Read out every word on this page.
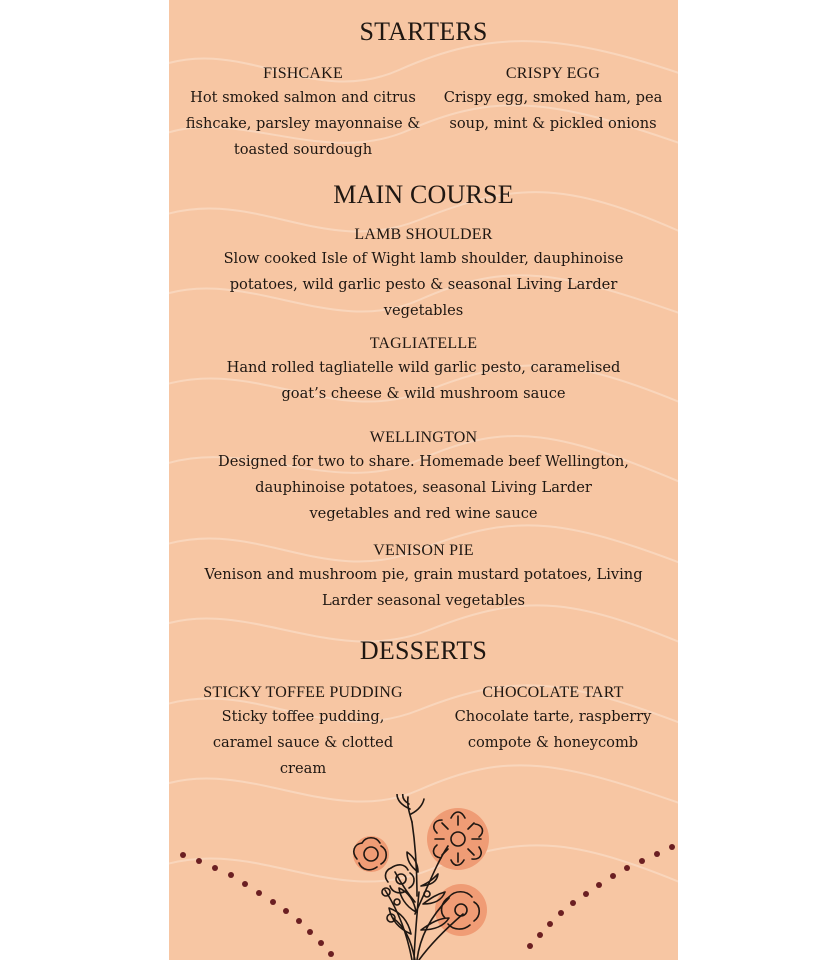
STARTERS
FISHCAKE
Hot smoked salmon and citrus fishcake, parsley mayonnaise & toasted sourdough
CRISPY EGG
Crispy egg, smoked ham, pea soup, mint & pickled onions
MAIN COURSE
LAMB SHOULDER
Slow cooked Isle of Wight lamb shoulder, dauphinoise potatoes, wild garlic pesto & seasonal Living Larder vegetables
TAGLIATELLE
Hand rolled tagliatelle wild garlic pesto, caramelised goat’s cheese & wild mushroom sauce
WELLINGTON
Designed for two to share. Homemade beef Wellington, dauphinoise potatoes, seasonal Living Larder vegetables and red wine sauce
VENISON PIE
Venison and mushroom pie, grain mustard potatoes, Living Larder seasonal vegetables
DESSERTS
STICKY TOFFEE PUDDING
Sticky toffee pudding, caramel sauce & clotted cream
CHOCOLATE TART
Chocolate tarte, raspberry compote & honeycomb
